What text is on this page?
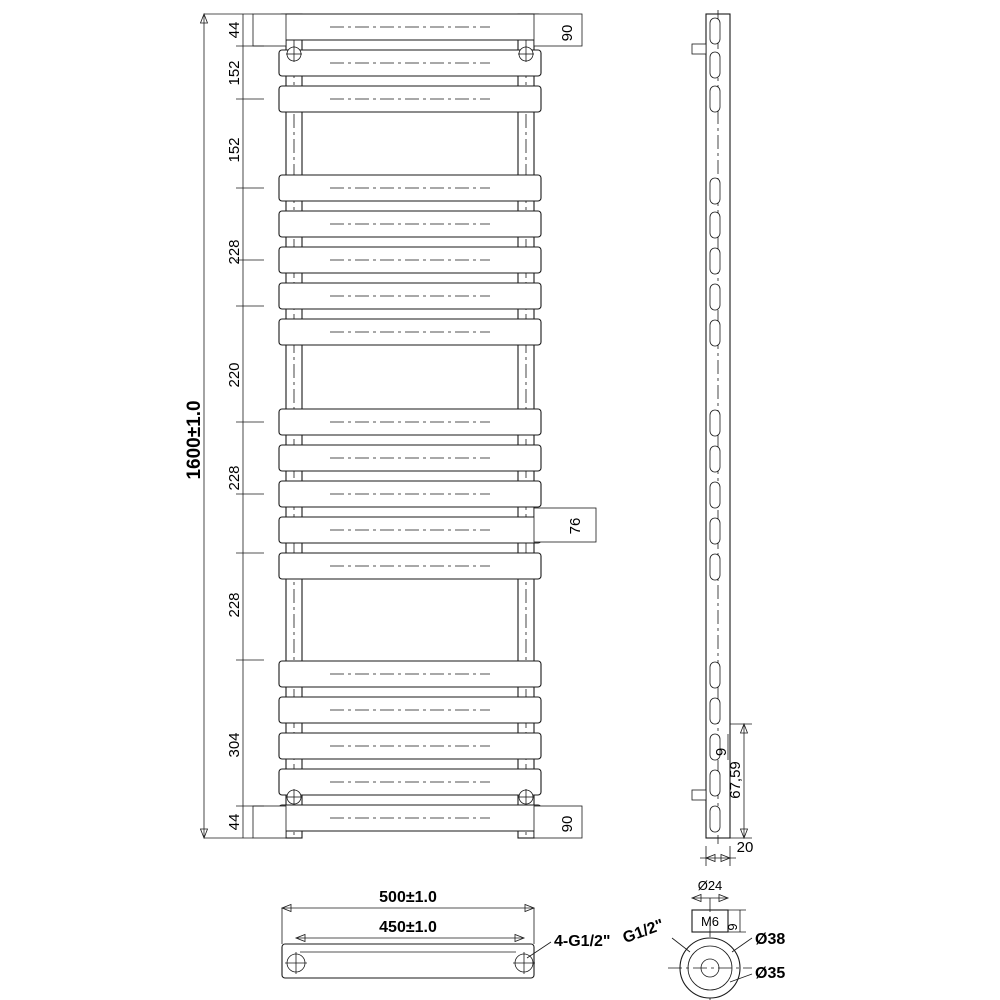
1600±1.0
44
44
152
152
228
220
228
228
304
90
76
90
67,59
9
20
500±1.0
450±1.0
4-G1/2"
Ø24
M6 9
G1/2"	Ø38
Ø35
